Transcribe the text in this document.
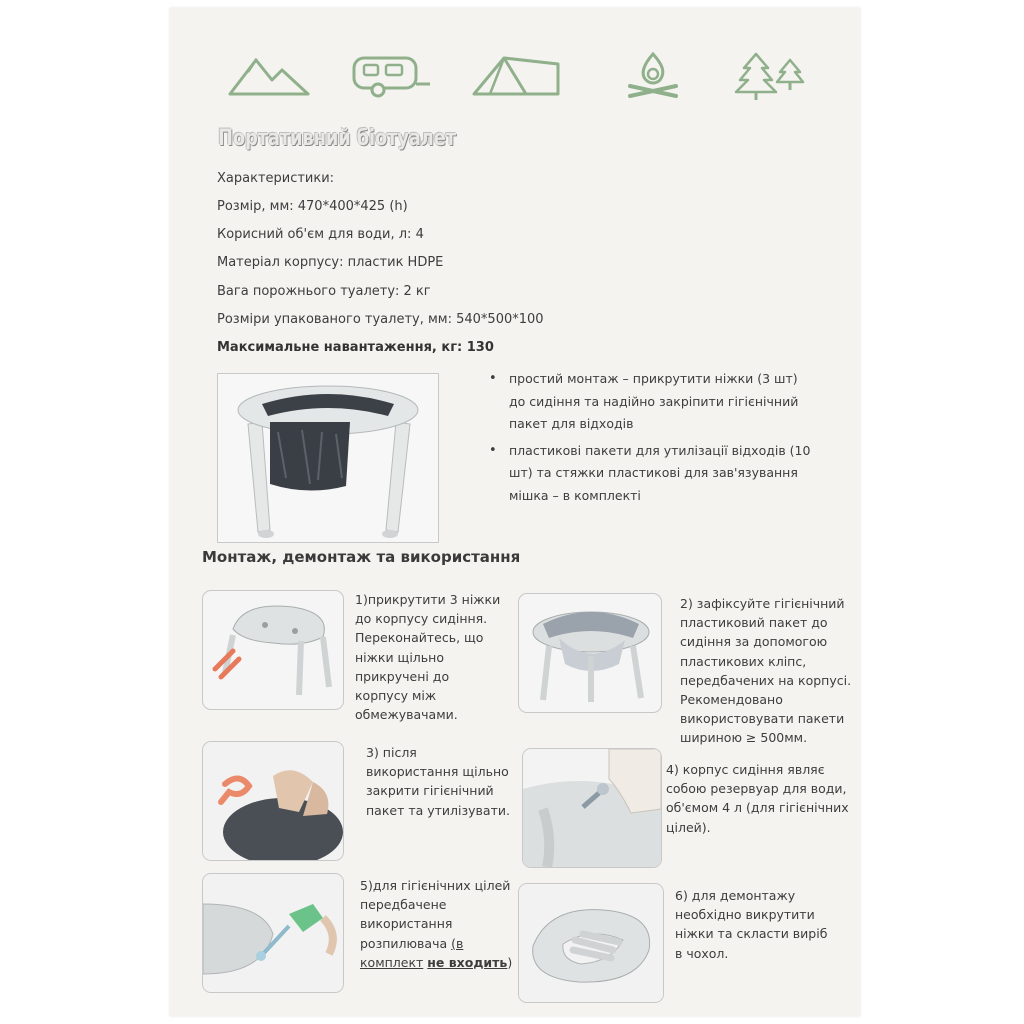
Портативний біотуалет
Характеристики:
Розмір, мм: 470*400*425 (h)
Корисний об'єм для води, л: 4
Матеріал корпусу: пластик HDPE
Вага порожнього туалету: 2 кг
Розміри упакованого туалету, мм: 540*500*100
Максимальне навантаження, кг: 130
• простий монтаж – прикрутити ніжки (3 шт)
до сидіння та надійно закріпити гігієнічний
пакет для відходів
• пластикові пакети для утилізації відходів (10
шт) та стяжки пластикові для зав'язування
мішка – в комплекті
Монтаж, демонтаж та використання
1)прикрутити 3 ніжки
до корпусу сидіння.
Переконайтесь, що
ніжки щільно
прикручені до
корпусу між
обмежувачами.
2) зафіксуйте гігієнічний
пластиковий пакет до
сидіння за допомогою
пластикових кліпс,
передбачених на корпусі.
Рекомендовано
використовувати пакети
шириною ≥ 500мм.
3) після
використання щільно
закрити гігієнічний
пакет та утилізувати.
4) корпус сидіння являє
собою резервуар для води,
об'ємом 4 л (для гігієнічних
цілей).
5)для гігієнічних цілей
передбачене
використання
розпилювача (в
комплект не входить)
6) для демонтажу
необхідно викрутити
ніжки та скласти виріб
в чохол.
